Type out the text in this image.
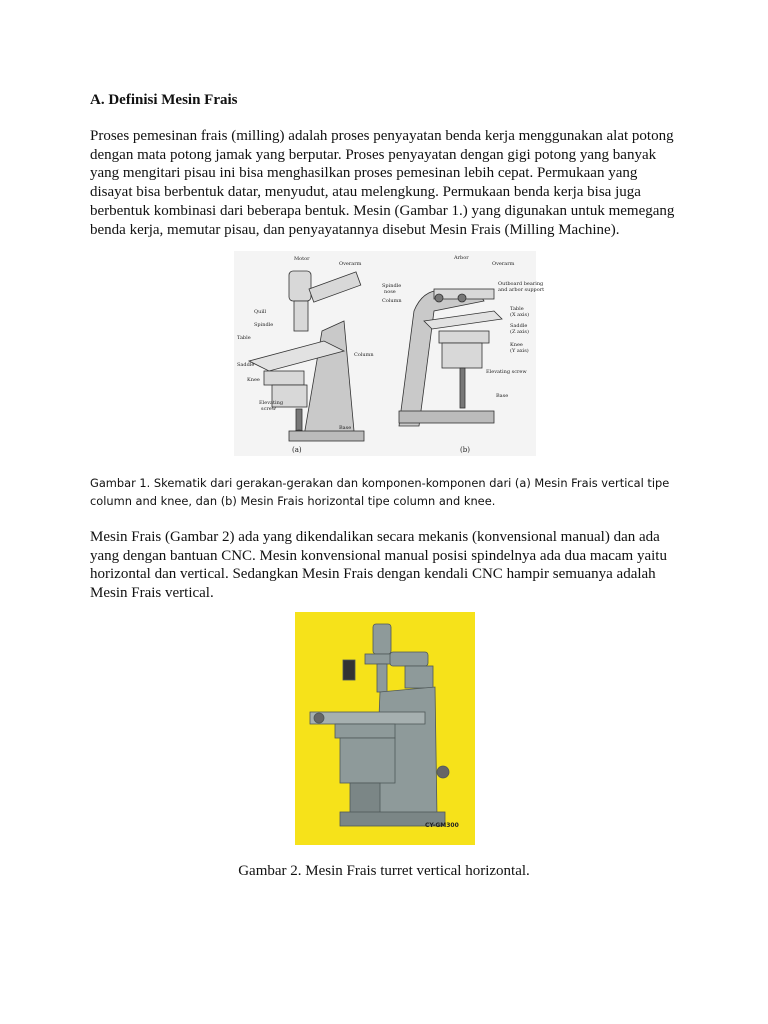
A. Definisi Mesin Frais

Proses pemesinan frais (milling) adalah proses penyayatan benda kerja menggunakan alat potong
dengan mata potong jamak yang berputar. Proses penyayatan dengan gigi potong yang banyak
yang mengitari pisau ini bisa menghasilkan proses pemesinan lebih cepat. Permukaan yang
disayat bisa berbentuk datar, menyudut, atau melengkung. Permukaan benda kerja bisa juga
berbentuk kombinasi dari beberapa bentuk. Mesin (Gambar 1.) yang digunakan untuk memegang
benda kerja, memutar pisau, dan penyayatannya disebut Mesin Frais (Milling Machine).

Motor
Overarm
Quill
Spindle
Table
Column
Saddle
Knee
Elevating
screw
Base
(a)
Arbor
Overarm
Spindle
nose
Column
Outboard bearing
and arbor support
Table
(X axis)
Saddle
(Z axis)
Knee
(Y axis)
Elevating screw
Base
(b)

Gambar 1. Skematik dari gerakan-gerakan dan komponen-komponen dari (a) Mesin Frais vertical tipe
column and knee, dan (b) Mesin Frais horizontal tipe column and knee.

Mesin Frais (Gambar 2) ada yang dikendalikan secara mekanis (konvensional manual) dan ada
yang dengan bantuan CNC. Mesin konvensional manual posisi spindelnya ada dua macam yaitu
horizontal dan vertical. Sedangkan Mesin Frais dengan kendali CNC hampir semuanya adalah
Mesin Frais vertical.

CY-GM300

Gambar 2. Mesin Frais turret vertical horizontal.
